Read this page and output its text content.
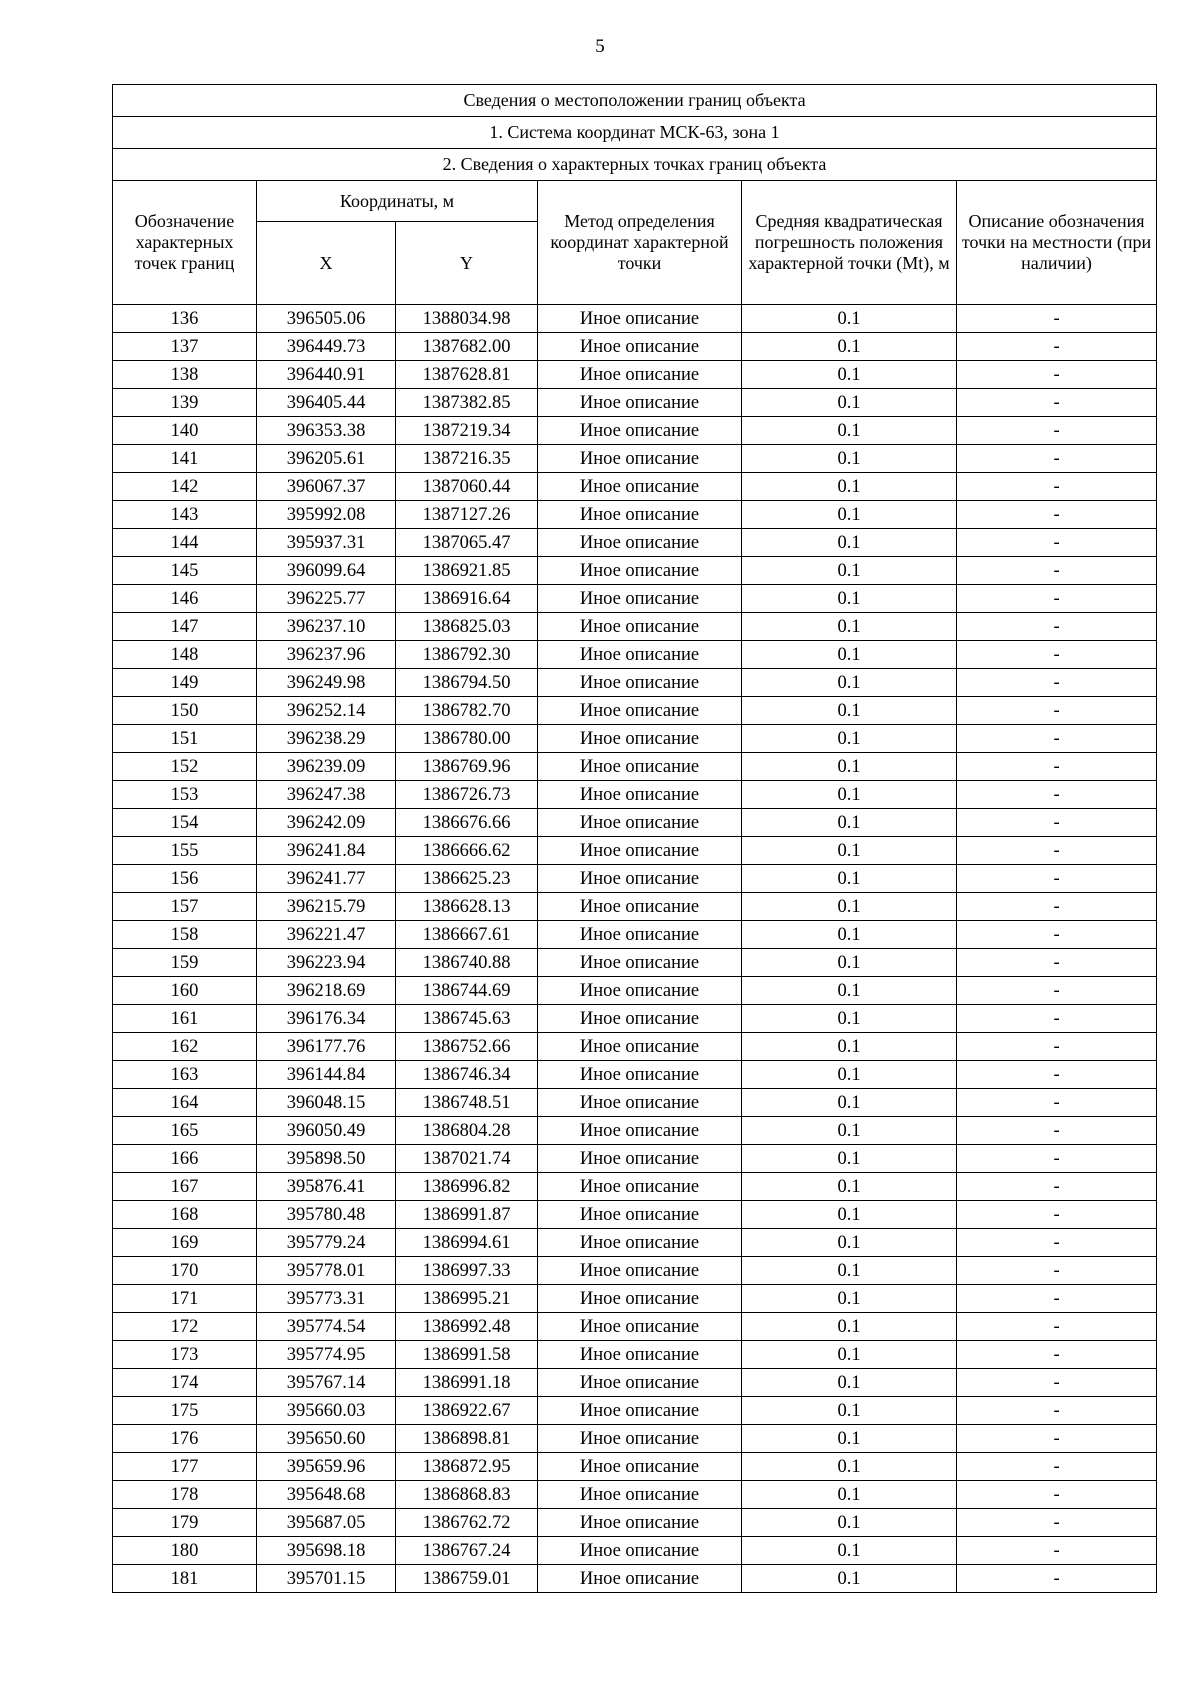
5
Сведения о местоположении границ объекта					
1. Система координат МСК-63, зона 1					
2. Сведения о характерных точках границ объекта					
Обозначение характерных точек границ	Координаты, м		Метод определения координат характерной точки	Средняя квадратическая погрешность положения характерной точки (Mt), м	Описание обозначения точки на местности (при наличии)
	X	Y			
136	396505.06	1388034.98	Иное описание	0.1	-
137	396449.73	1387682.00	Иное описание	0.1	-
138	396440.91	1387628.81	Иное описание	0.1	-
139	396405.44	1387382.85	Иное описание	0.1	-
140	396353.38	1387219.34	Иное описание	0.1	-
141	396205.61	1387216.35	Иное описание	0.1	-
142	396067.37	1387060.44	Иное описание	0.1	-
143	395992.08	1387127.26	Иное описание	0.1	-
144	395937.31	1387065.47	Иное описание	0.1	-
145	396099.64	1386921.85	Иное описание	0.1	-
146	396225.77	1386916.64	Иное описание	0.1	-
147	396237.10	1386825.03	Иное описание	0.1	-
148	396237.96	1386792.30	Иное описание	0.1	-
149	396249.98	1386794.50	Иное описание	0.1	-
150	396252.14	1386782.70	Иное описание	0.1	-
151	396238.29	1386780.00	Иное описание	0.1	-
152	396239.09	1386769.96	Иное описание	0.1	-
153	396247.38	1386726.73	Иное описание	0.1	-
154	396242.09	1386676.66	Иное описание	0.1	-
155	396241.84	1386666.62	Иное описание	0.1	-
156	396241.77	1386625.23	Иное описание	0.1	-
157	396215.79	1386628.13	Иное описание	0.1	-
158	396221.47	1386667.61	Иное описание	0.1	-
159	396223.94	1386740.88	Иное описание	0.1	-
160	396218.69	1386744.69	Иное описание	0.1	-
161	396176.34	1386745.63	Иное описание	0.1	-
162	396177.76	1386752.66	Иное описание	0.1	-
163	396144.84	1386746.34	Иное описание	0.1	-
164	396048.15	1386748.51	Иное описание	0.1	-
165	396050.49	1386804.28	Иное описание	0.1	-
166	395898.50	1387021.74	Иное описание	0.1	-
167	395876.41	1386996.82	Иное описание	0.1	-
168	395780.48	1386991.87	Иное описание	0.1	-
169	395779.24	1386994.61	Иное описание	0.1	-
170	395778.01	1386997.33	Иное описание	0.1	-
171	395773.31	1386995.21	Иное описание	0.1	-
172	395774.54	1386992.48	Иное описание	0.1	-
173	395774.95	1386991.58	Иное описание	0.1	-
174	395767.14	1386991.18	Иное описание	0.1	-
175	395660.03	1386922.67	Иное описание	0.1	-
176	395650.60	1386898.81	Иное описание	0.1	-
177	395659.96	1386872.95	Иное описание	0.1	-
178	395648.68	1386868.83	Иное описание	0.1	-
179	395687.05	1386762.72	Иное описание	0.1	-
180	395698.18	1386767.24	Иное описание	0.1	-
181	395701.15	1386759.01	Иное описание	0.1	-
